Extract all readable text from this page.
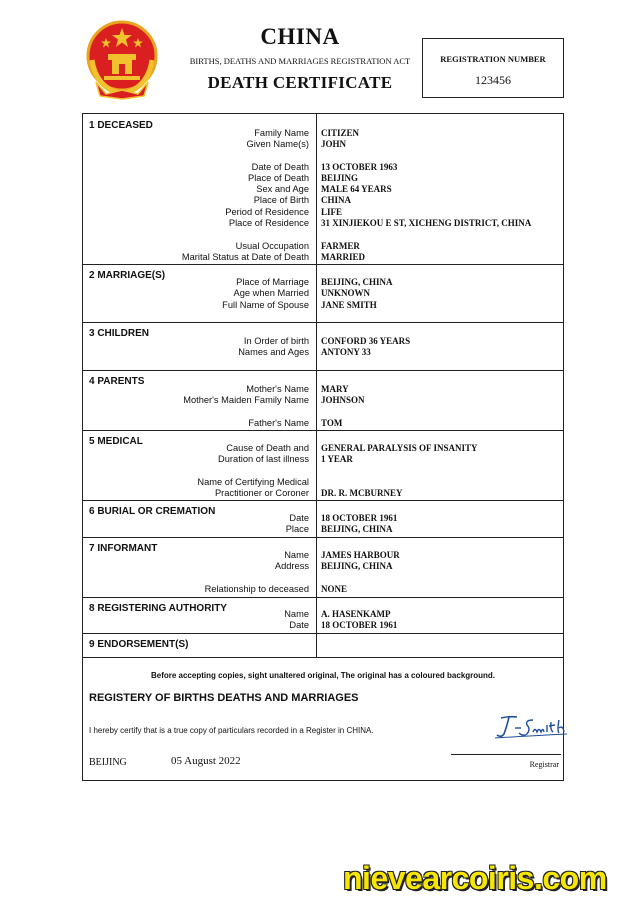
CHINA
BIRTHS, DEATHS AND MARRIAGES REGISTRATION ACT
DEATH CERTIFICATE
REGISTRATION NUMBER
123456
1 DECEASED
Family Name CITIZEN
Given Name(s) JOHN
Date of Death 13 OCTOBER 1963
Place of Death BEIJING
Sex and Age MALE 64 YEARS
Place of Birth CHINA
Period of Residence LIFE
Place of Residence 31 XINJIEKOU E ST, XICHENG DISTRICT, CHINA
Usual Occupation FARMER
Marital Status at Date of Death MARRIED
2 MARRIAGE(S)
Place of Marriage BEIJING, CHINA
Age when Married UNKNOWN
Full Name of Spouse JANE SMITH
3 CHILDREN
In Order of birth CONFORD 36 YEARS
Names and Ages ANTONY 33
4 PARENTS
Mother's Name MARY
Mother's Maiden Family Name JOHNSON
Father's Name TOM
5 MEDICAL
Cause of Death and GENERAL PARALYSIS OF INSANITY
Duration of last illness 1 YEAR
Name of Certifying Medical
Practitioner or Coroner DR. R. MCBURNEY
6 BURIAL OR CREMATION
Date 18 OCTOBER 1961
Place BEIJING, CHINA
7 INFORMANT
Name JAMES HARBOUR
Address BEIJING, CHINA
Relationship to deceased NONE
8 REGISTERING AUTHORITY	Name A. HASENKAMP
Date 18 OCTOBER 1961
9 ENDORSEMENT(S)
Before accepting copies, sight unaltered original, The original has a coloured background.
REGISTERY OF BIRTHS DEATHS AND MARRIAGES
I hereby certify that is a true copy of particulars recorded in a Register in CHINA.
BEIJING	05 August 2022	Registrar
nievearcoiris.com
